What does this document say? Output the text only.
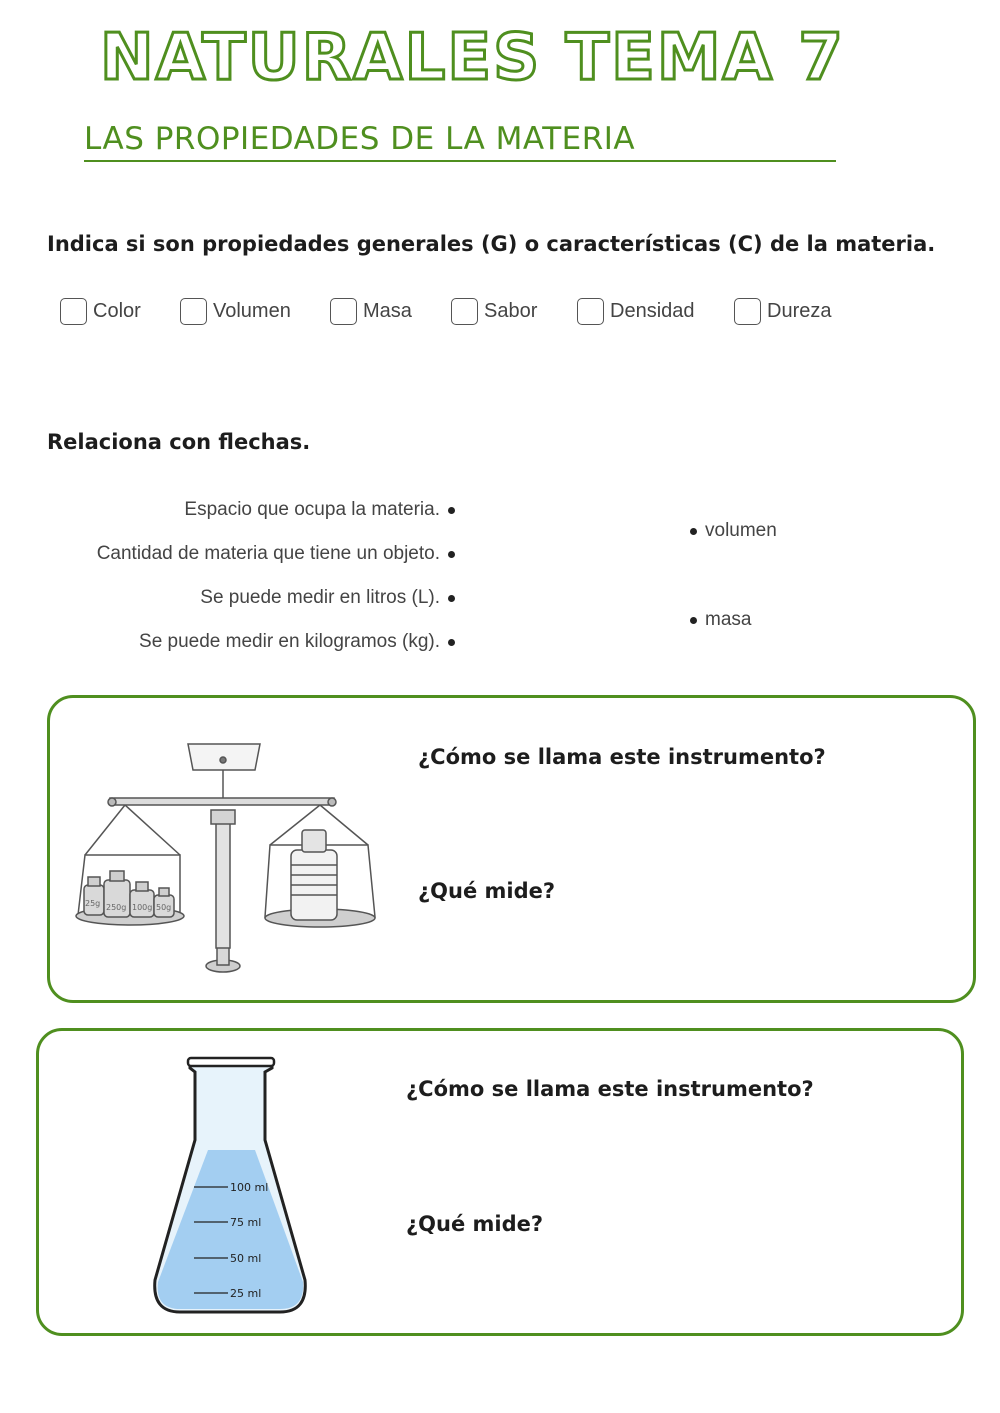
NATURALES TEMA 7
LAS PROPIEDADES DE LA MATERIA
Indica si son propiedades generales (G) o características (C) de la materia.
Color	Volumen	Masa	Sabor	Densidad	Dureza
Relaciona con flechas.
Espacio que ocupa la materia.
Cantidad de materia que tiene un objeto.
Se puede medir en litros (L).
Se puede medir en kilogramos (kg).
volumen
masa
25g 250g 100g 50g
¿Cómo se llama este instrumento?
¿Qué mide?
100 ml
75 ml
50 ml
25 ml
¿Cómo se llama este instrumento?
¿Qué mide?
